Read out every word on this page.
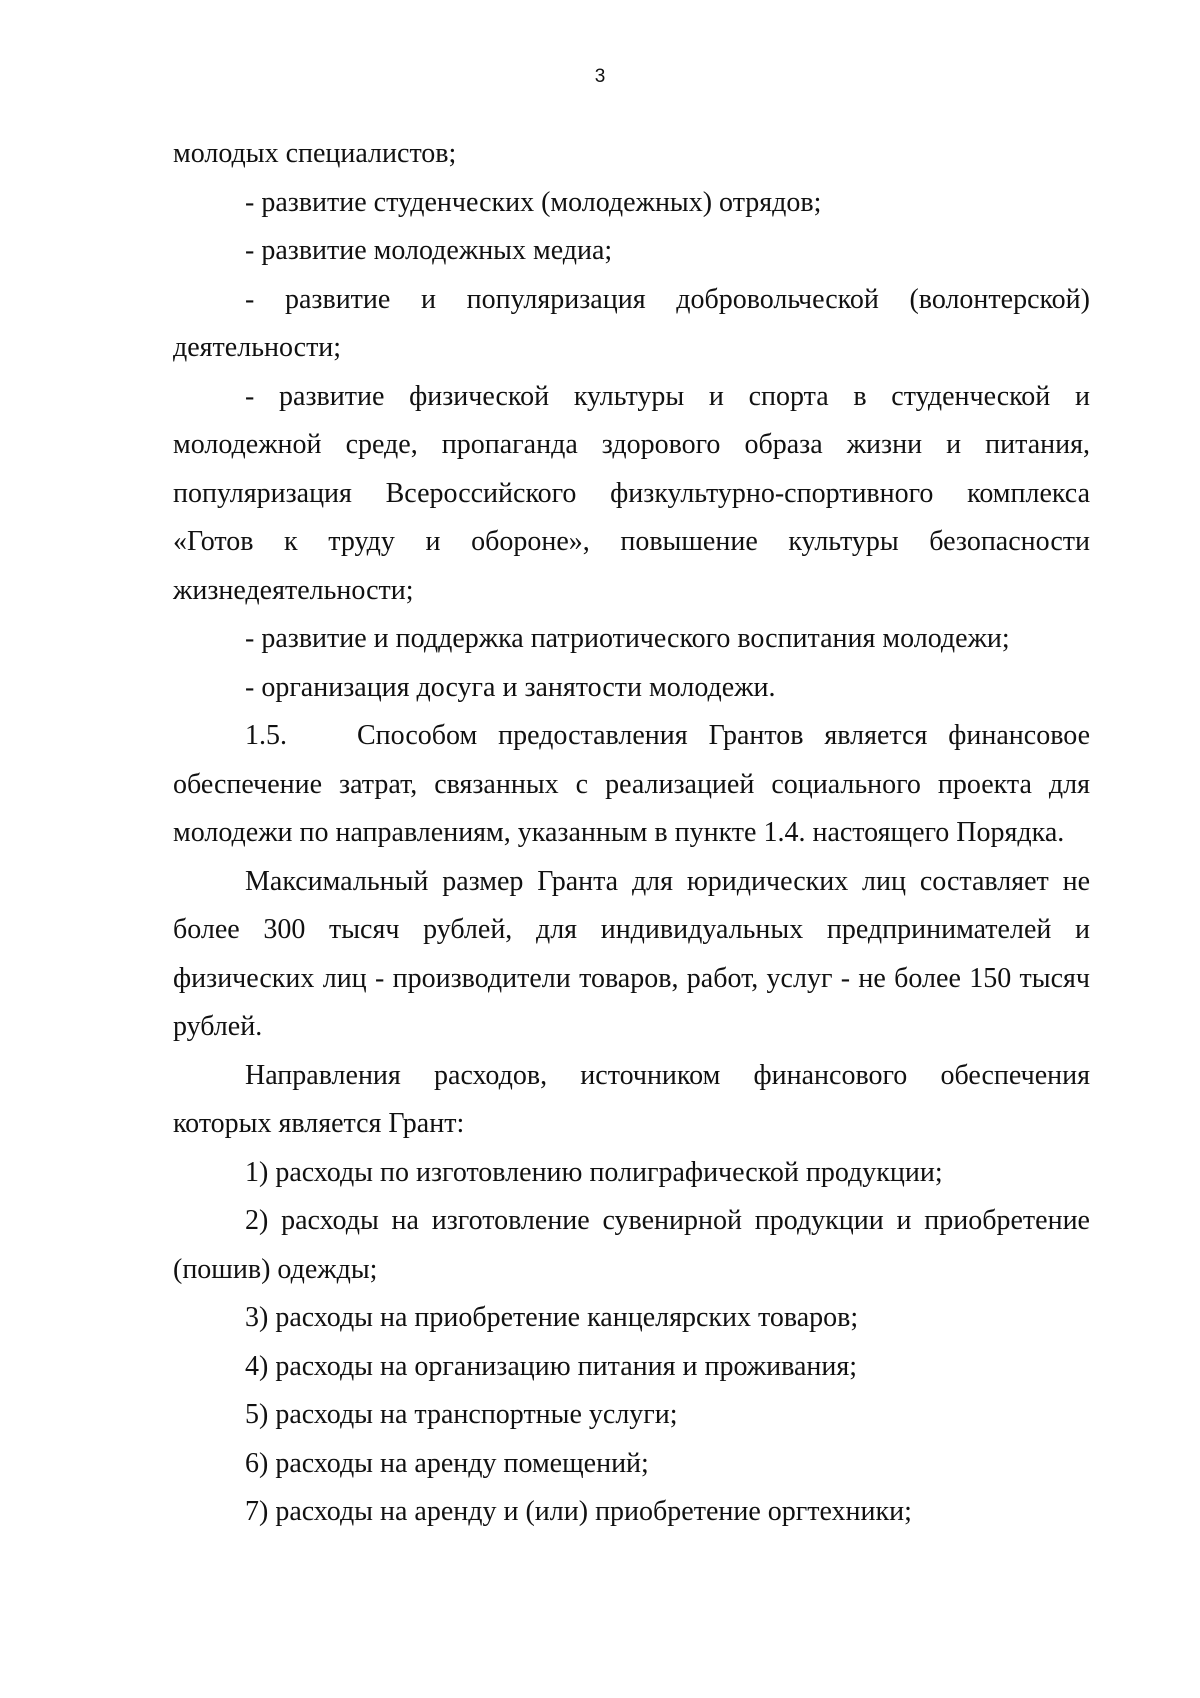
3

молодых специалистов;

- развитие студенческих (молодежных) отрядов;

- развитие молодежных медиа;

- развитие и популяризация добровольческой (волонтерской) деятельности;

- развитие физической культуры и спорта в студенческой и молодежной среде, пропаганда здорового образа жизни и питания, популяризация Всероссийского физкультурно-спортивного комплекса «Готов к труду и обороне», повышение культуры безопасности жизнедеятельности;

- развитие и поддержка патриотического воспитания молодежи;

- организация досуга и занятости молодежи.

1.5.	Способом предоставления Грантов является финансовое обеспечение затрат, связанных с реализацией социального проекта для молодежи по направлениям, указанным в пункте 1.4. настоящего Порядка.

Максимальный размер Гранта для юридических лиц составляет не более 300 тысяч рублей, для индивидуальных предпринимателей и физических лиц - производители товаров, работ, услуг - не более 150 тысяч рублей.

Направления расходов, источником финансового обеспечения которых является Грант:

1) расходы по изготовлению полиграфической продукции;

2) расходы на изготовление сувенирной продукции и приобретение (пошив) одежды;

3) расходы на приобретение канцелярских товаров;

4) расходы на организацию питания и проживания;

5) расходы на транспортные услуги;

6) расходы на аренду помещений;

7) расходы на аренду и (или) приобретение оргтехники;
